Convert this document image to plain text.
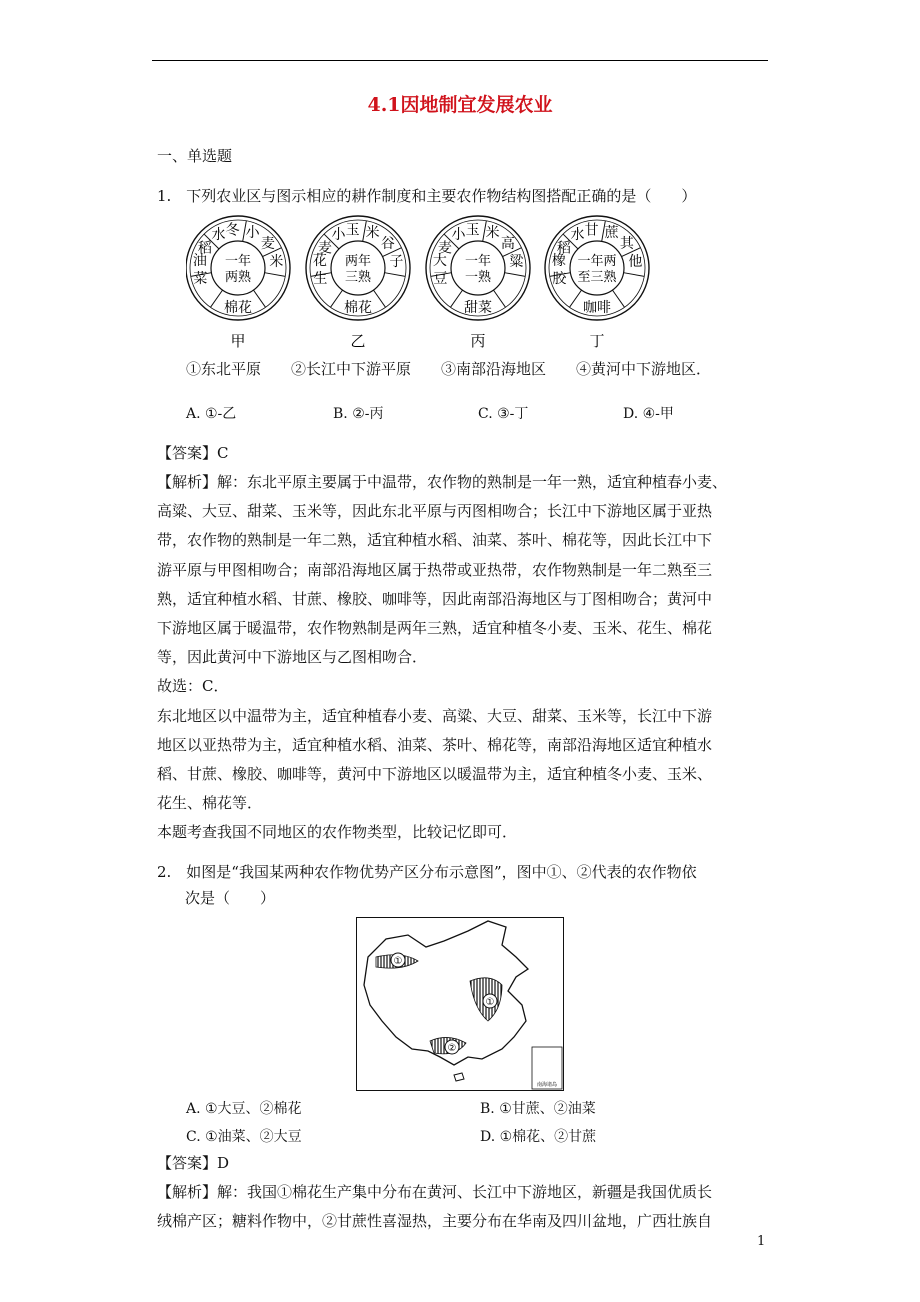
4.1因地制宜发展农业
一、单选题
1.　下列农业区与图示相应的耕作制度和主要农作物结构图搭配正确的是（　　）
一年
两熟
冬 小
麦
米
棉花
菜
油
稻
水
甲
两年
三熟
玉 米
谷
子
棉花
生
花
麦
小
乙
一年
一熟
玉 米
高
粱
甜菜
豆
大
麦
小
丙
一年两
至三熟
甘 蔗
其
他
咖啡
胶
橡
稻
水
丁
①东北平原　　②长江中下游平原　　③南部沿海地区　　④黄河中下游地区．
A. ①-乙	B. ②-丙	C. ③-丁	D. ④-甲
【答案】C
【解析】解：东北平原主要属于中温带，农作物的熟制是一年一熟，适宜种植春小麦、
高粱、大豆、甜菜、玉米等，因此东北平原与丙图相吻合；长江中下游地区属于亚热
带，农作物的熟制是一年二熟，适宜种植水稻、油菜、茶叶、棉花等，因此长江中下
游平原与甲图相吻合；南部沿海地区属于热带或亚热带，农作物熟制是一年二熟至三
熟，适宜种植水稻、甘蔗、橡胶、咖啡等，因此南部沿海地区与丁图相吻合；黄河中
下游地区属于暖温带，农作物熟制是两年三熟，适宜种植冬小麦、玉米、花生、棉花
等，因此黄河中下游地区与乙图相吻合．
故选：C．
东北地区以中温带为主，适宜种植春小麦、高粱、大豆、甜菜、玉米等，长江中下游
地区以亚热带为主，适宜种植水稻、油菜、茶叶、棉花等，南部沿海地区适宜种植水
稻、甘蔗、橡胶、咖啡等，黄河中下游地区以暖温带为主，适宜种植冬小麦、玉米、
花生、棉花等．
本题考查我国不同地区的农作物类型，比较记忆即可．
2.　如图是“我国某两种农作物优势产区分布示意图”，图中①、②代表的农作物依
次是（　　）
①
①
②
南海诸岛
A. ①大豆、②棉花	B. ①甘蔗、②油菜
C. ①油菜、②大豆	D. ①棉花、②甘蔗
【答案】D
【解析】解：我国①棉花生产集中分布在黄河、长江中下游地区，新疆是我国优质长
绒棉产区；糖料作物中，②甘蔗性喜湿热，主要分布在华南及四川盆地，广西壮族自
1
